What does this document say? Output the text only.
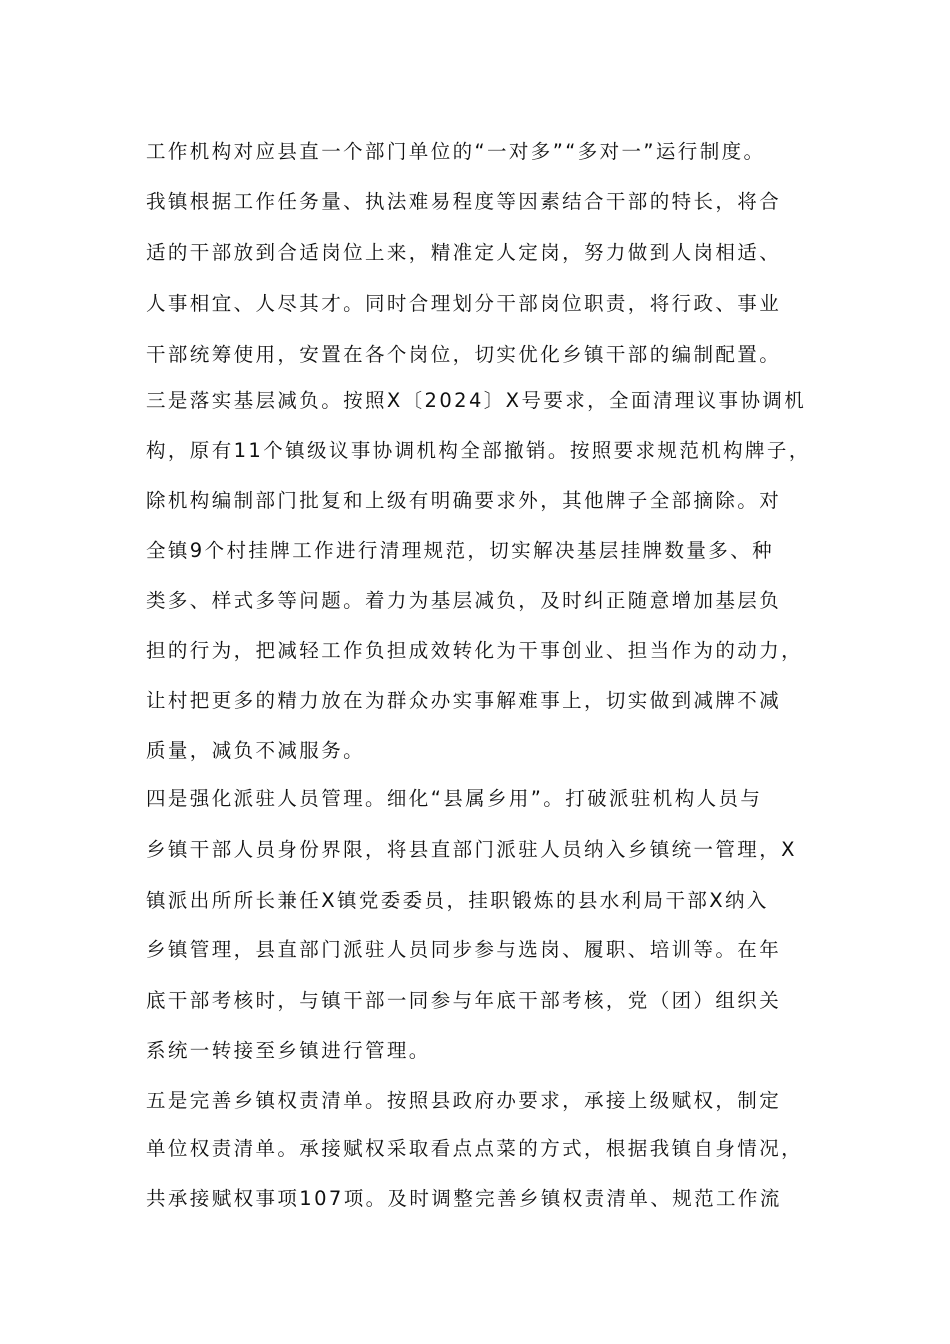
工作机构对应县直一个部门单位的“一对多”“多对一”运行制度。
我镇根据工作任务量、执法难易程度等因素结合干部的特长，将合
适的干部放到合适岗位上来，精准定人定岗，努力做到人岗相适、
人事相宜、人尽其才。同时合理划分干部岗位职责，将行政、事业
干部统筹使用，安置在各个岗位，切实优化乡镇干部的编制配置。
三是落实基层减负。按照X〔2024〕X号要求，全面清理议事协调机
构，原有11个镇级议事协调机构全部撤销。按照要求规范机构牌子，
除机构编制部门批复和上级有明确要求外，其他牌子全部摘除。对
全镇9个村挂牌工作进行清理规范，切实解决基层挂牌数量多、种
类多、样式多等问题。着力为基层减负，及时纠正随意增加基层负
担的行为，把减轻工作负担成效转化为干事创业、担当作为的动力，
让村把更多的精力放在为群众办实事解难事上，切实做到减牌不减
质量，减负不减服务。
四是强化派驻人员管理。细化“县属乡用”。打破派驻机构人员与
乡镇干部人员身份界限，将县直部门派驻人员纳入乡镇统一管理，X
镇派出所所长兼任X镇党委委员，挂职锻炼的县水利局干部X纳入
乡镇管理，县直部门派驻人员同步参与选岗、履职、培训等。在年
底干部考核时，与镇干部一同参与年底干部考核，党（团）组织关
系统一转接至乡镇进行管理。
五是完善乡镇权责清单。按照县政府办要求，承接上级赋权，制定
单位权责清单。承接赋权采取看点点菜的方式，根据我镇自身情况，
共承接赋权事项107项。及时调整完善乡镇权责清单、规范工作流
